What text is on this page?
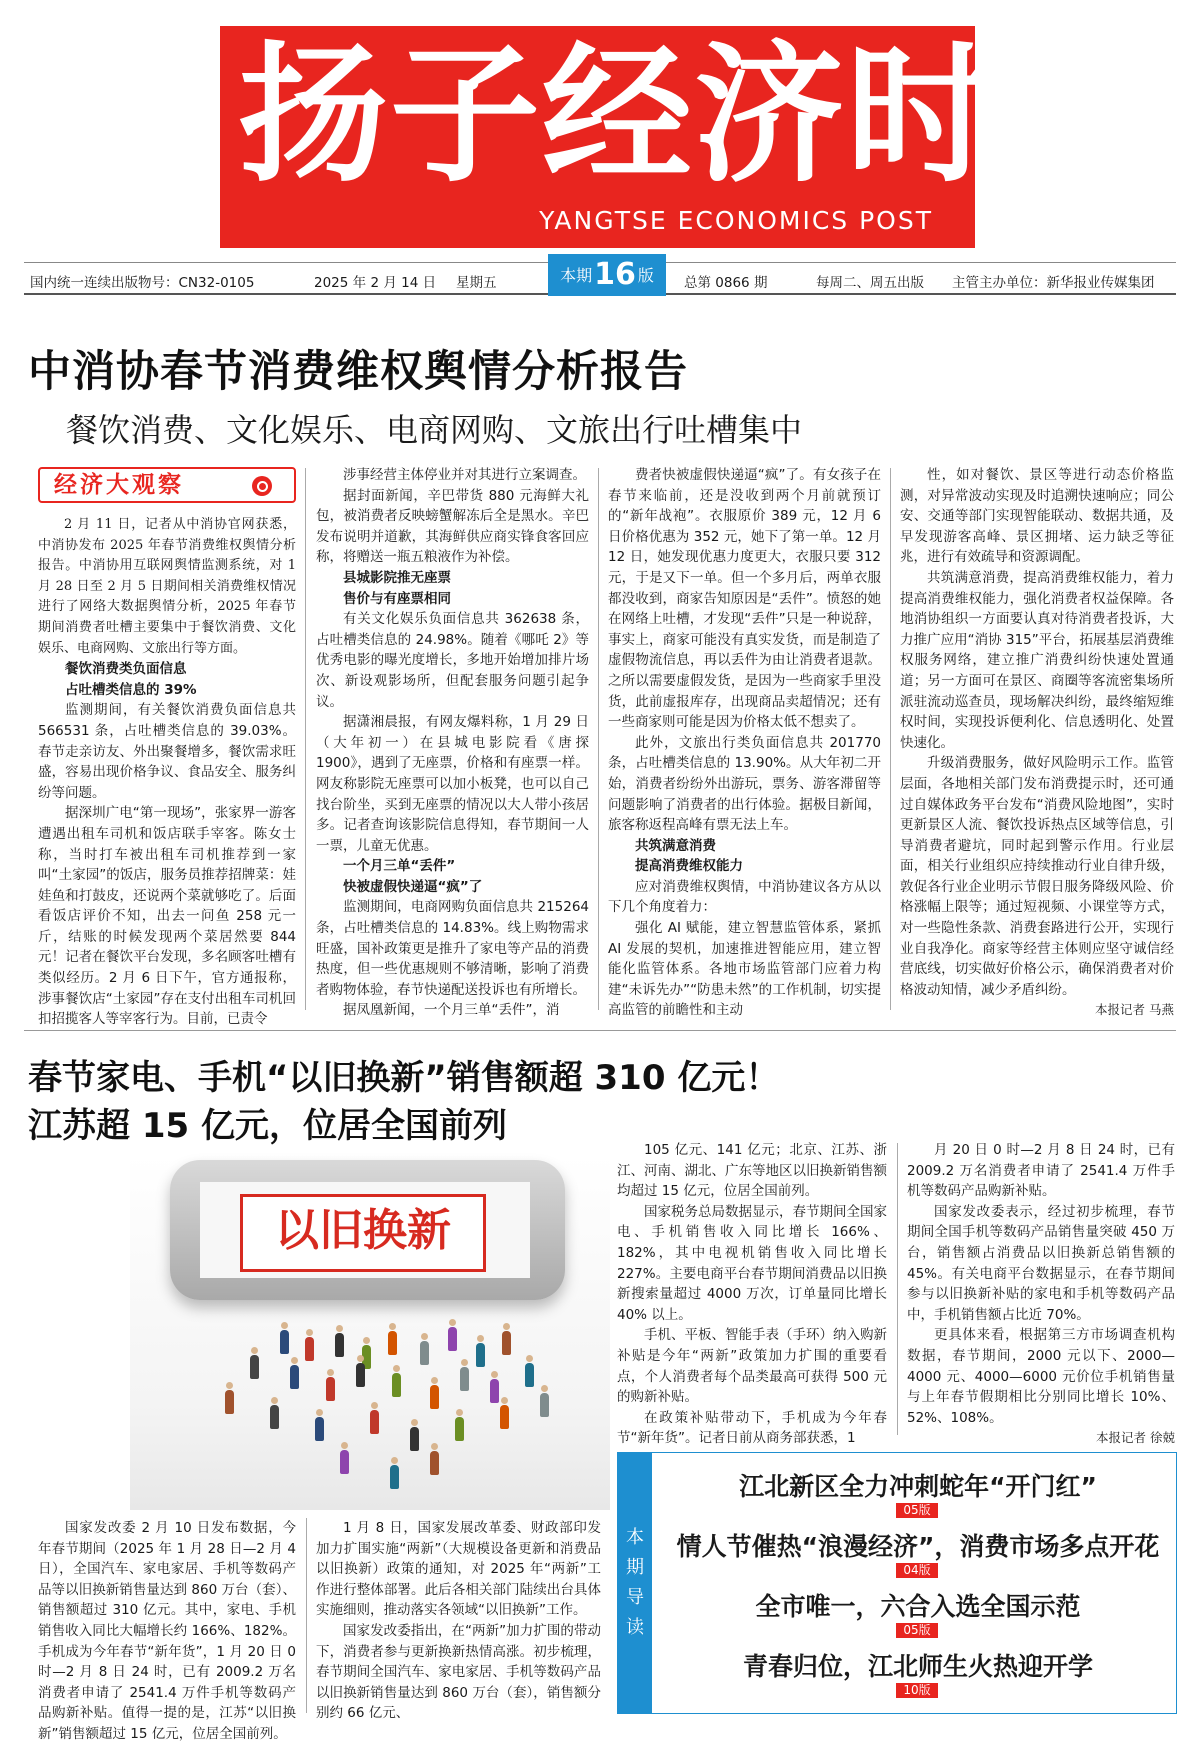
扬子经济时报
YANGTSE ECONOMICS POST
国内统一连续出版物号：CN32-0105	2025 年 2 月 14 日 星期五	总第 0866 期	每周二、周五出版 主管主办单位：新华报业传媒集团
本期16 版
中消协春节消费维权舆情分析报告
餐饮消费、文化娱乐、电商网购、文旅出行吐槽集中
经济大观察

2 月 11 日，记者从中消协官网获悉，中消协发布 2025 年春节消费维权舆情分析报告。中消协用互联网舆情监测系统，对 1 月 28 日至 2 月 5 日期间相关消费维权情况进行了网络大数据舆情分析，2025 年春节期间消费者吐槽主要集中于餐饮消费、文化娱乐、电商网购、文旅出行等方面。

餐饮消费类负面信息

占吐槽类信息的 39%

监测期间，有关餐饮消费负面信息共 566531 条，占吐槽类信息的 39.03%。春节走亲访友、外出聚餐增多，餐饮需求旺盛，容易出现价格争议、食品安全、服务纠纷等问题。

据深圳广电“第一现场”，张家界一游客遭遇出租车司机和饭店联手宰客。陈女士称，当时打车被出租车司机推荐到一家叫“土家园”的饭店，服务员推荐招牌菜：娃娃鱼和打鼓皮，还说两个菜就够吃了。后面看饭店评价不知，出去一问鱼 258 元一斤，结账的时候发现两个菜居然要 844 元！记者在餐饮平台发现，多名顾客吐槽有类似经历。2 月 6 日下午，官方通报称，涉事餐饮店“土家园”存在支付出租车司机回扣招揽客人等宰客行为。目前，已责令

涉事经营主体停业并对其进行立案调查。

据封面新闻，辛巴带货 880 元海鲜大礼包，被消费者反映螃蟹解冻后全是黑水。辛巴发布说明并道歉，其海鲜供应商实锋食客回应称，将赠送一瓶五粮液作为补偿。

县城影院推无座票

售价与有座票相同

有关文化娱乐负面信息共 362638 条，占吐槽类信息的 24.98%。随着《哪吒 2》等优秀电影的曝光度增长，多地开始增加排片场次、新设观影场所，但配套服务问题引起争议。

据潇湘晨报，有网友爆料称，1 月 29 日（大年初一）在县城电影院看《唐探 1900》，遇到了无座票，价格和有座票一样。网友称影院无座票可以加小板凳，也可以自己找台阶坐，买到无座票的情况以大人带小孩居多。记者查询该影院信息得知，春节期间一人一票，儿童无优惠。

一个月三单“丢件”

快被虚假快递逼“疯”了

监测期间，电商网购负面信息共 215264 条，占吐槽类信息的 14.83%。线上购物需求旺盛，国补政策更是推升了家电等产品的消费热度，但一些优惠规则不够清晰，影响了消费者购物体验，春节快递配送投诉也有所增长。

据凤凰新闻，一个月三单“丢件”，消

费者快被虚假快递逼“疯”了。有女孩子在春节来临前，还是没收到两个月前就预订的“新年战袍”。衣服原价 389 元，12 月 6 日价格优惠为 352 元，她下了第一单。12 月 12 日，她发现优惠力度更大，衣服只要 312 元，于是又下一单。但一个多月后，两单衣服都没收到，商家告知原因是“丢件”。愤怒的她在网络上吐槽，才发现“丢件”只是一种说辞，事实上，商家可能没有真实发货，而是制造了虚假物流信息，再以丢件为由让消费者退款。之所以需要虚假发货，是因为一些商家手里没货，此前虚报库存，出现商品卖超情况；还有一些商家则可能是因为价格太低不想卖了。

此外，文旅出行类负面信息共 201770 条，占吐槽类信息的 13.90%。从大年初二开始，消费者纷纷外出游玩，票务、游客滞留等问题影响了消费者的出行体验。据极目新闻，旅客称返程高峰有票无法上车。

共筑满意消费

提高消费维权能力

应对消费维权舆情，中消协建议各方从以下几个角度着力：

强化 AI 赋能，建立智慧监管体系，紧抓 AI 发展的契机，加速推进智能应用，建立智能化监管体系。各地市场监管部门应着力构建“未诉先办”“防患未然”的工作机制，切实提高监管的前瞻性和主动

性，如对餐饮、景区等进行动态价格监测，对异常波动实现及时追溯快速响应；同公安、交通等部门实现智能联动、数据共通，及早发现游客高峰、景区拥堵、运力缺乏等征兆，进行有效疏导和资源调配。

共筑满意消费，提高消费维权能力，着力提高消费维权能力，强化消费者权益保障。各地消协组织一方面要认真对待消费者投诉，大力推广应用“消协 315”平台，拓展基层消费维权服务网络，建立推广消费纠纷快速处置通道；另一方面可在景区、商圈等客流密集场所派驻流动巡查员，现场解决纠纷，最终缩短维权时间，实现投诉便利化、信息透明化、处置快速化。

升级消费服务，做好风险明示工作。监管层面，各地相关部门发布消费提示时，还可通过自媒体政务平台发布“消费风险地图”，实时更新景区人流、餐饮投诉热点区域等信息，引导消费者避坑，同时起到警示作用。行业层面，相关行业组织应持续推动行业自律升级，敦促各行业企业明示节假日服务降级风险、价格涨幅上限等；通过短视频、小课堂等方式，对一些隐性条款、消费套路进行公开，实现行业自我净化。商家等经营主体则应坚守诚信经营底线，切实做好价格公示，确保消费者对价格波动知情，减少矛盾纠纷。

本报记者 马燕

春节家电、手机“以旧换新”销售额超 310 亿元！
江苏超 15 亿元，位居全国前列
以旧换新

105 亿元、141 亿元；北京、江苏、浙江、河南、湖北、广东等地区以旧换新销售额均超过 15 亿元，位居全国前列。

国家税务总局数据显示，春节期间全国家电、手机销售收入同比增长 166%、182%，其中电视机销售收入同比增长 227%。主要电商平台春节期间消费品以旧换新搜索量超过 4000 万次，订单量同比增长 40% 以上。

手机、平板、智能手表（手环）纳入购新补贴是今年“两新”政策加力扩围的重要看点，个人消费者每个品类最高可获得 500 元的购新补贴。

在政策补贴带动下，手机成为今年春节“新年货”。记者日前从商务部获悉，1

月 20 日 0 时—2 月 8 日 24 时，已有 2009.2 万名消费者申请了 2541.4 万件手机等数码产品购新补贴。

国家发改委表示，经过初步梳理，春节期间全国手机等数码产品销售量突破 450 万台，销售额占消费品以旧换新总销售额的 45%。有关电商平台数据显示，在春节期间参与以旧换新补贴的家电和手机等数码产品中，手机销售额占比近 70%。

更具体来看，根据第三方市场调查机构数据，春节期间，2000 元以下、2000—4000 元、4000—6000 元价位手机销售量与上年春节假期相比分别同比增长 10%、52%、108%。

本报记者 徐兢

国家发改委 2 月 10 日发布数据，今年春节期间（2025 年 1 月 28 日—2 月 4 日），全国汽车、家电家居、手机等数码产品等以旧换新销售量达到 860 万台（套）、销售额超过 310 亿元。其中，家电、手机销售收入同比大幅增长约 166%、182%。手机成为今年春节“新年货”，1 月 20 日 0 时—2 月 8 日 24 时，已有 2009.2 万名消费者申请了 2541.4 万件手机等数码产品购新补贴。值得一提的是，江苏“以旧换新”销售额超过 15 亿元，位居全国前列。

1 月 8 日，国家发展改革委、财政部印发加力扩围实施“两新”（大规模设备更新和消费品以旧换新）政策的通知，对 2025 年“两新”工作进行整体部署。此后各相关部门陆续出台具体实施细则，推动落实各领域“以旧换新”工作。

国家发改委指出，在“两新”加力扩围的带动下，消费者参与更新换新热情高涨。初步梳理，春节期间全国汽车、家电家居、手机等数码产品以旧换新销售量达到 860 万台（套），销售额分别约 66 亿元、

本期导读
江北新区全力冲刺蛇年“开门红”
05版
情人节催热“浪漫经济”，消费市场多点开花
04版
全市唯一，六合入选全国示范
05版
青春归位，江北师生火热迎开学
10版
